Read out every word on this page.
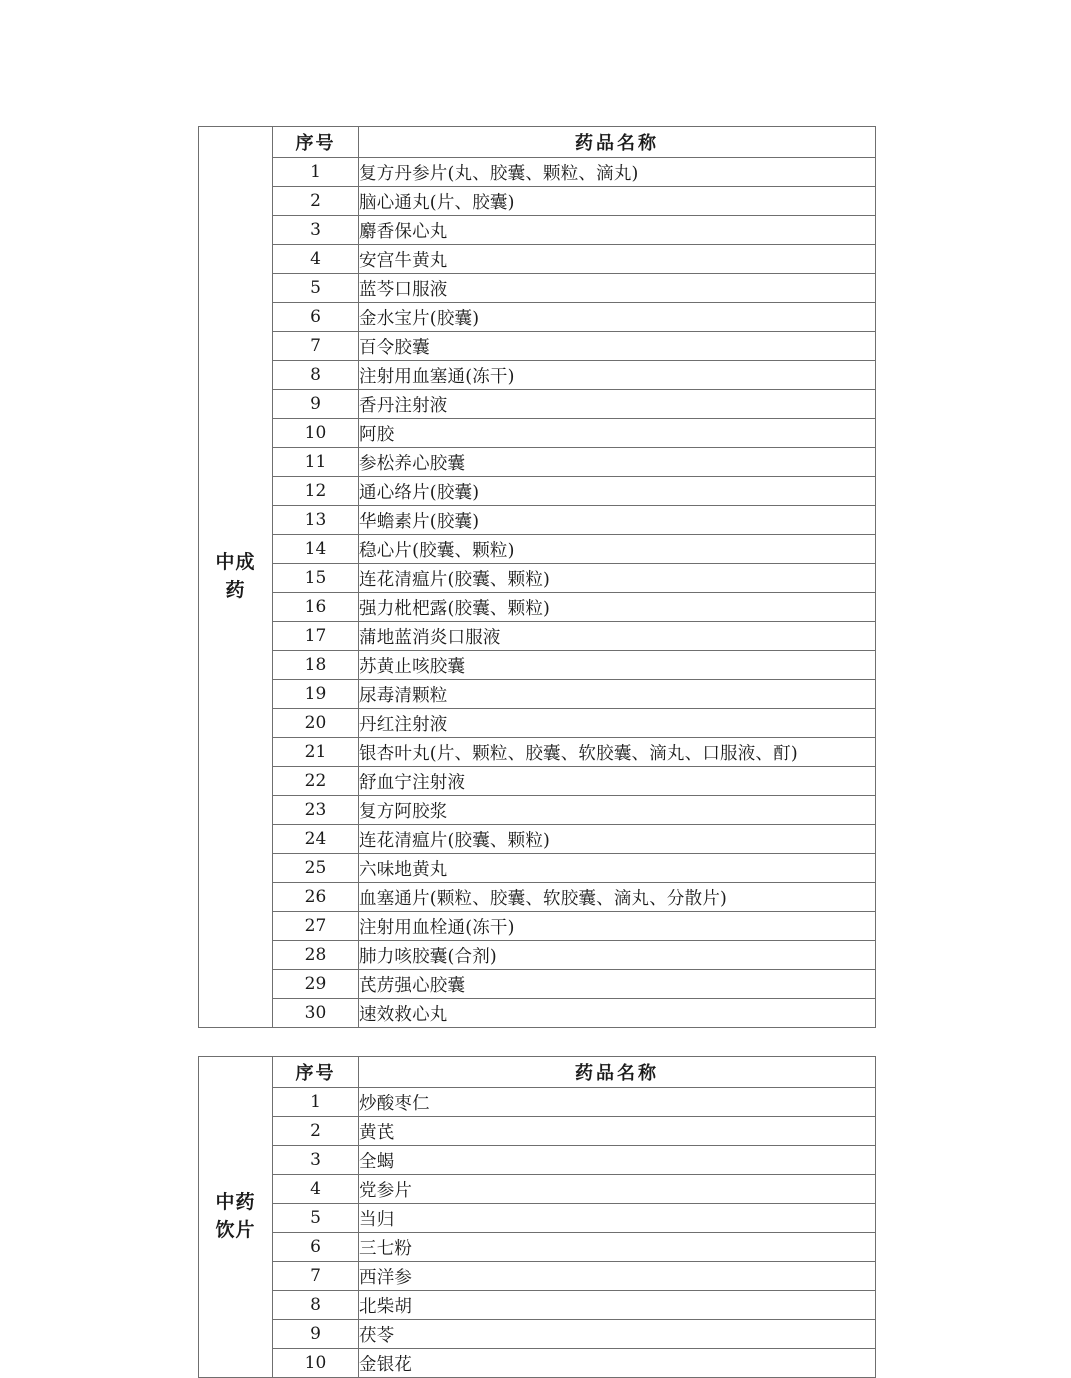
中成
药	序号	药品名称
	1	复方丹参片(丸、胶囊、颗粒、滴丸)
	2	脑心通丸(片、胶囊)
	3	麝香保心丸
	4	安宫牛黄丸
	5	蓝芩口服液
	6	金水宝片(胶囊)
	7	百令胶囊
	8	注射用血塞通(冻干)
	9	香丹注射液
	10	阿胶
	11	参松养心胶囊
	12	通心络片(胶囊)
	13	华蟾素片(胶囊)
	14	稳心片(胶囊、颗粒)
	15	连花清瘟片(胶囊、颗粒)
	16	强力枇杷露(胶囊、颗粒)
	17	蒲地蓝消炎口服液
	18	苏黄止咳胶囊
	19	尿毒清颗粒
	20	丹红注射液
	21	银杏叶丸(片、颗粒、胶囊、软胶囊、滴丸、口服液、酊)
	22	舒血宁注射液
	23	复方阿胶浆
	24	连花清瘟片(胶囊、颗粒)
	25	六味地黄丸
	26	血塞通片(颗粒、胶囊、软胶囊、滴丸、分散片)
	27	注射用血栓通(冻干)
	28	肺力咳胶囊(合剂)
	29	芪苈强心胶囊
	30	速效救心丸
中药
饮片	序号	药品名称
	1	炒酸枣仁
	2	黄芪
	3	全蝎
	4	党参片
	5	当归
	6	三七粉
	7	西洋参
	8	北柴胡
	9	茯苓
	10	金银花
